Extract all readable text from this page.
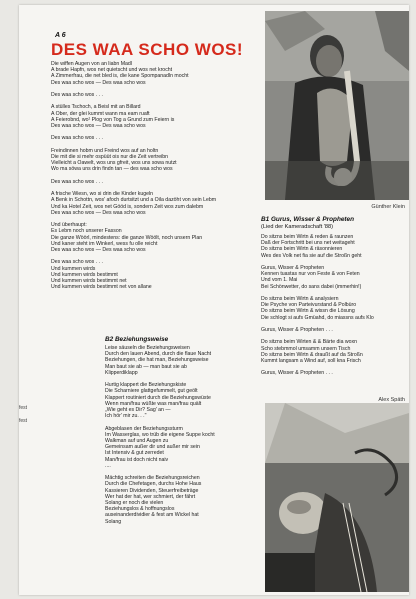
fest
fest
A 6
DES WAA SCHO WOS!
Die wiffen Augen von an liabn Madl
A brade Hapfn, wos net quietscht und wos net krocht
A Zimmerfrau, die net bled is, die kane Spompanadln mocht
Des waa scho wos — Des waa scho wos
Des waa scho wos . . .
A stülles Tschoch, a Beisl mit an Billard
A Ober, der glei kummt wann ma eam ruaft
A Feierobnd, wo¹ Plog von Tog a Grund zum Feiern is
Des waa scho wos — Des waa scho wos
Des waa scho wos . . .
Freindinnen hobm und Freind wos auf an holtn
Die mit die si mehr ospüüt ois nur die Zeit vertreibn
Vielleicht a Oawelt, wos uns gfreit, wos uns sowa nutzt
Wo ma söwa uns drin findn tan — des waa scho wos
Des waa scho wos . . .
A frische Wiesn, wo si drin die Kinder kugeln
A Benk in Schottn, wos' afoch durtsitzt und a Oila dazöht von sein Lebm
Und ka Hotel Zeit, wos net Gööd is, sondern Zeit wos zum dalebm
Des waa scho wos — Des waa scho wos
Und überhaupt:
Es Lebm noch unserer Fasson
Die ganze Wöörl, mindestens: die ganze Wöölt, noch unsern Plan
Und kaner steht im Winkerl, wess fu olle reicht
Des waa scho wos — Des waa scho wos
Des waa scho wos . . .
Und kummen wirds
Und kummen wirds bestimmt
Und kummen wirds bestimmt net
Und kummen wirds bestimmt net von allane
Günther Klein
B1 Gurus, Wisser & Propheten
(Lied der Kameradschaft '88)
Do sitzns beim Wirtn & reden & raunzen
Daß der Fortschritt bei uns net weitageht
Do sitzns beim Wirtn & räsonnieren
Wes des Volk net fia sie auf die Stroßn geht
Gurus, Wisser & Propheten
Kennen tuastas nur von Feste & von Feten
Und vom 1. Mai
Bei Schönwetter, do sans dabei (immerhin!)
Do sitzns beim Wirtn & analysiern
Die Psyche von Parteivurstand & Polbüro
Do sitzns beim Wirtn & wissn die Lösung
Die schlogt si aufs Gmüahd, do miassns aufs Klo
Gurus, Wisser & Propheten . . .
Do sitzns beim Wirten & & Bärte dia woxn
Scho stebmmol umsamm unsern Tisch
Do sitzns beim Wirtn & draußt auf da Stroßn
Kummt langsam a Wind auf, soll kna Frisch
Gurus, Wisser & Propheten . . .
B2 Beziehungsweise
Leise säuseln die Beziehungsweisen
Durch den lauen Abend, durch die flaue Nacht
Beziehungen, die hat man, Beziehungsweise
Man baut sie ab — man baut sie ab
Klipperdiklapp
Hurtig klappert die Beziehungskiste
Die Scharniere glattgefummelt, gut geölt
Klappert routiniert durch die Beziehungswüste
Wenn man/frau wüßte was man/frau quält
„Wie geht es Dir? Sag' an —
Ich hör' mir zu. . ."
Abgeblasen der Beziehungssturm
Im Wasserglas, wo trüb die eigene Suppe kocht
Walkman auf und Augen zu
Gemeinsam außer dir und außer mir sein
Ist Intensiv & gut zerredet
Man/frau ist doch nicht naiv
....
Mächtig schreiten die Beziehungsreichen
Durch die Chefetagen, durchs Hohe Haus
Kassieren Dividenden, Steuerfreibeträge
Wer hat der hat, wer schmiert, der fährt
Solang er noch die vielen
Beziehungslos & hoffnungslos
auseinanderdividier & fest am Wickel hat
Solang
Alex Späth
